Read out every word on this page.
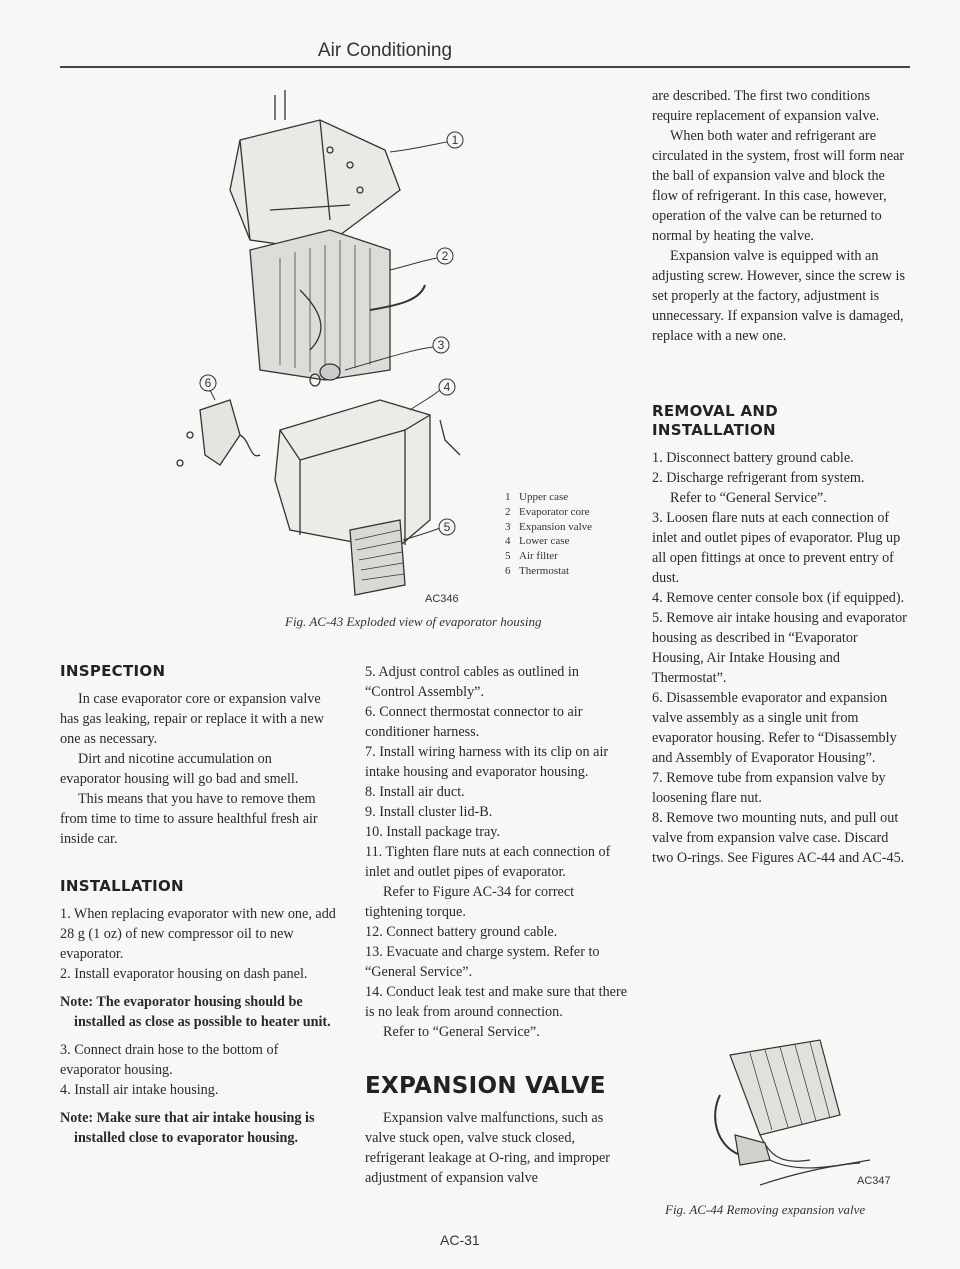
Air Conditioning
1
2
3
4
5
6
1 Upper case
2 Evaporator core
3 Expansion valve
4 Lower case
5 Air filter
6 Thermostat
AC346
Fig. AC-43 Exploded view of evaporator housing
INSPECTION

In case evaporator core or expansion valve has gas leaking, repair or replace it with a new one as necessary.

Dirt and nicotine accumulation on evaporator housing will go bad and smell.

This means that you have to remove them from time to time to assure healthful fresh air inside car.

INSTALLATION

1. When replacing evaporator with new one, add 28 g (1 oz) of new compressor oil to new evaporator.

2. Install evaporator housing on dash panel.

Note: The evaporator housing should be installed as close as possible to heater unit.

3. Connect drain hose to the bottom of evaporator housing.

4. Install air intake housing.

Note: Make sure that air intake housing is installed close to evaporator housing.

5. Adjust control cables as outlined in “Control Assembly”.

6. Connect thermostat connector to air conditioner harness.

7. Install wiring harness with its clip on air intake housing and evaporator housing.

8. Install air duct.

9. Install cluster lid-B.

10. Install package tray.

11. Tighten flare nuts at each connection of inlet and outlet pipes of evaporator.

Refer to Figure AC-34 for correct tightening torque.

12. Connect battery ground cable.

13. Evacuate and charge system. Refer to “General Service”.

14. Conduct leak test and make sure that there is no leak from around connection.

Refer to “General Service”.

EXPANSION VALVE

Expansion valve malfunctions, such as valve stuck open, valve stuck closed, refrigerant leakage at O-ring, and improper adjustment of expansion valve

AC-31

are described. The first two conditions require replacement of expansion valve.

When both water and refrigerant are circulated in the system, frost will form near the ball of expansion valve and block the flow of refrigerant. In this case, however, operation of the valve can be returned to normal by heating the valve.

Expansion valve is equipped with an adjusting screw. However, since the screw is set properly at the factory, adjustment is unnecessary. If expansion valve is damaged, replace with a new one.

REMOVAL AND
INSTALLATION

1. Disconnect battery ground cable.

2. Discharge refrigerant from system.

Refer to “General Service”.

3. Loosen flare nuts at each connection of inlet and outlet pipes of evaporator. Plug up all open fittings at once to prevent entry of dust.

4. Remove center console box (if equipped).

5. Remove air intake housing and evaporator housing as described in “Evaporator Housing, Air Intake Housing and Thermostat”.

6. Disassemble evaporator and expansion valve assembly as a single unit from evaporator housing. Refer to “Disassembly and Assembly of Evaporator Housing”.

7. Remove tube from expansion valve by loosening flare nut.

8. Remove two mounting nuts, and pull out valve from expansion valve case. Discard two O-rings. See Figures AC-44 and AC-45.

AC347
Fig. AC-44 Removing expansion valve
